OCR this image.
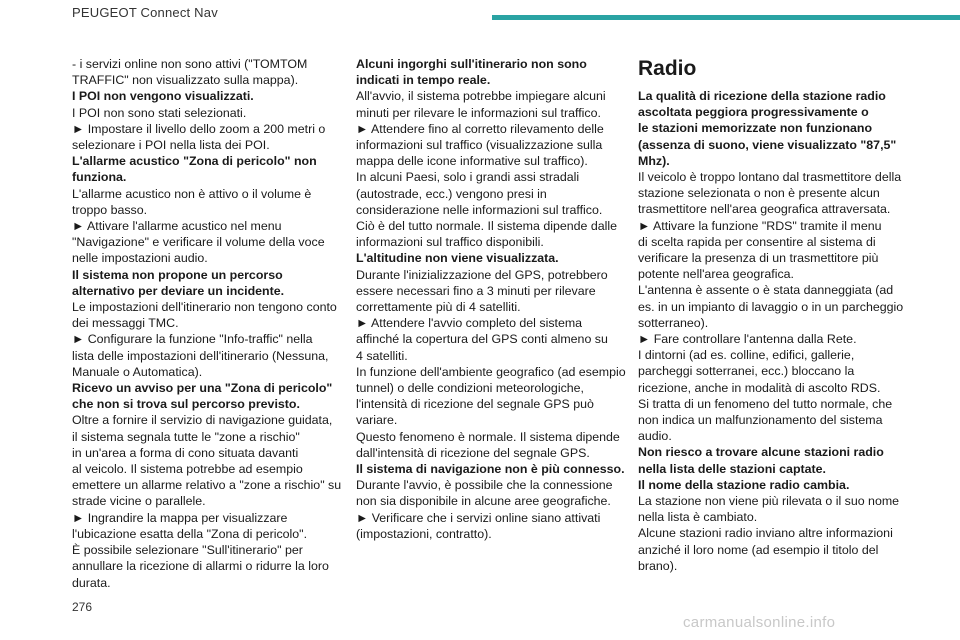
PEUGEOT Connect Nav
- i servizi online non sono attivi ("TOMTOM
TRAFFIC" non visualizzato sulla mappa).
I POI non vengono visualizzati.
I POI non sono stati selezionati.
► Impostare il livello dello zoom a 200 metri o
selezionare i POI nella lista dei POI.
L'allarme acustico "Zona di pericolo" non
funziona.
L'allarme acustico non è attivo o il volume è
troppo basso.
► Attivare l'allarme acustico nel menu
"Navigazione" e verificare il volume della voce
nelle impostazioni audio.
Il sistema non propone un percorso
alternativo per deviare un incidente.
Le impostazioni dell'itinerario non tengono conto
dei messaggi TMC.
► Configurare la funzione "Info-traffic" nella
lista delle impostazioni dell'itinerario (Nessuna,
Manuale o Automatica).
Ricevo un avviso per una "Zona di pericolo"
che non si trova sul percorso previsto.
Oltre a fornire il servizio di navigazione guidata,
il sistema segnala tutte le "zone a rischio"
in un'area a forma di cono situata davanti
al veicolo. Il sistema potrebbe ad esempio
emettere un allarme relativo a "zone a rischio" su
strade vicine o parallele.
► Ingrandire la mappa per visualizzare
l'ubicazione esatta della "Zona di pericolo".
È possibile selezionare "Sull'itinerario" per
annullare la ricezione di allarmi o ridurre la loro
durata.
Alcuni ingorghi sull'itinerario non sono
indicati in tempo reale.
All'avvio, il sistema potrebbe impiegare alcuni
minuti per rilevare le informazioni sul traffico.
► Attendere fino al corretto rilevamento delle
informazioni sul traffico (visualizzazione sulla
mappa delle icone informative sul traffico).
In alcuni Paesi, solo i grandi assi stradali
(autostrade, ecc.) vengono presi in
considerazione nelle informazioni sul traffico.
Ciò è del tutto normale. Il sistema dipende dalle
informazioni sul traffico disponibili.
L'altitudine non viene visualizzata.
Durante l'inizializzazione del GPS, potrebbero
essere necessari fino a 3 minuti per rilevare
correttamente più di 4 satelliti.
► Attendere l'avvio completo del sistema
affinché la copertura del GPS conti almeno su
4 satelliti.
In funzione dell'ambiente geografico (ad esempio
tunnel) o delle condizioni meteorologiche,
l'intensità di ricezione del segnale GPS può
variare.
Questo fenomeno è normale. Il sistema dipende
dall'intensità di ricezione del segnale GPS.
Il sistema di navigazione non è più connesso.
Durante l'avvio, è possibile che la connessione
non sia disponibile in alcune aree geografiche.
► Verificare che i servizi online siano attivati
(impostazioni, contratto).
Radio
La qualità di ricezione della stazione radio
ascoltata peggiora progressivamente o
le stazioni memorizzate non funzionano
(assenza di suono, viene visualizzato "87,5"
Mhz).
Il veicolo è troppo lontano dal trasmettitore della
stazione selezionata o non è presente alcun
trasmettitore nell'area geografica attraversata.
► Attivare la funzione "RDS" tramite il menu
di scelta rapida per consentire al sistema di
verificare la presenza di un trasmettitore più
potente nell'area geografica.
L'antenna è assente o è stata danneggiata (ad
es. in un impianto di lavaggio o in un parcheggio
sotterraneo).
► Fare controllare l'antenna dalla Rete.
I dintorni (ad es. colline, edifici, gallerie,
parcheggi sotterranei, ecc.) bloccano la
ricezione, anche in modalità di ascolto RDS.
Si tratta di un fenomeno del tutto normale, che
non indica un malfunzionamento del sistema
audio.
Non riesco a trovare alcune stazioni radio
nella lista delle stazioni captate.
Il nome della stazione radio cambia.
La stazione non viene più rilevata o il suo nome
nella lista è cambiato.
Alcune stazioni radio inviano altre informazioni
anziché il loro nome (ad esempio il titolo del
brano).
276
carmanualsonline.info
